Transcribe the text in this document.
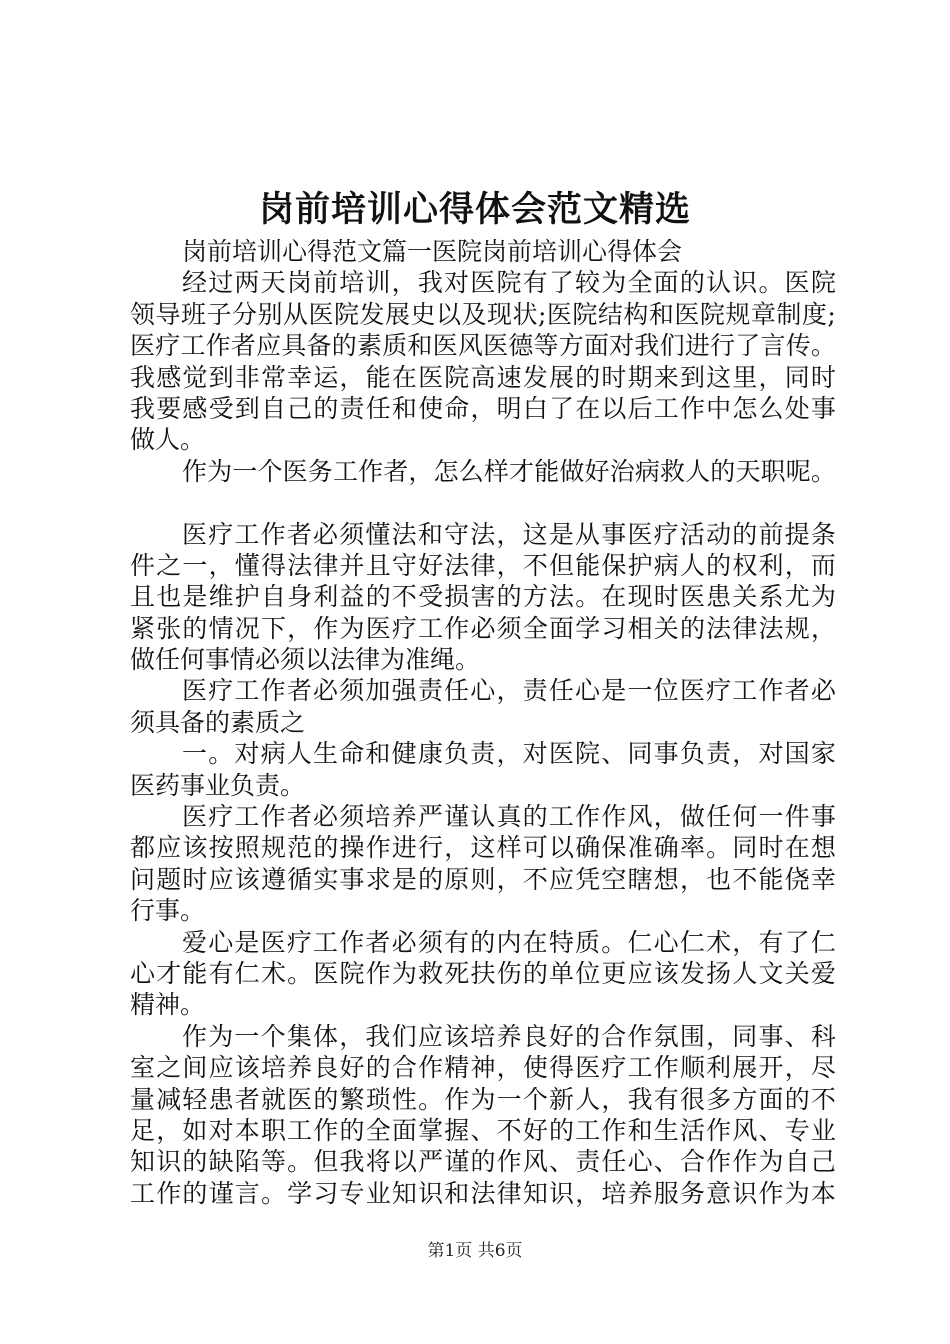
岗前培训心得体会范文精选
岗前培训心得范文篇一医院岗前培训心得体会
经 过 两 天 岗 前 培 训 ， 我 对 医 院 有 了 较 为 全 面 的 认 识 。 医 院
领 导 班 子 分 别 从 医 院 发 展 史 以 及 现 状 ; 医 院 结 构 和 医 院 规 章 制 度 ;
医 疗 工 作 者 应 具 备 的 素 质 和 医 风 医 德 等 方 面 对 我 们 进 行 了 言 传 。
我 感 觉 到 非 常 幸 运 ， 能 在 医 院 高 速 发 展 的 时 期 来 到 这 里 ， 同 时
我 要 感 受 到 自 己 的 责 任 和 使 命 ， 明 白 了 在 以 后 工 作 中 怎 么 处 事
做人。
作 为 一 个 医 务 工 作 者 ， 怎 么 样 才 能 做 好 治 病 救 人 的 天 职 呢 。
医 疗 工 作 者 必 须 懂 法 和 守 法 ， 这 是 从 事 医 疗 活 动 的 前 提 条
件 之 一 ， 懂 得 法 律 并 且 守 好 法 律 ， 不 但 能 保 护 病 人 的 权 利 ， 而
且 也 是 维 护 自 身 利 益 的 不 受 损 害 的 方 法 。 在 现 时 医 患 关 系 尤 为
紧 张 的 情 况 下 ， 作 为 医 疗 工 作 必 须 全 面 学 习 相 关 的 法 律 法 规 ，
做任何事情必须以法律为准绳。
医 疗 工 作 者 必 须 加 强 责 任 心 ， 责 任 心 是 一 位 医 疗 工 作 者 必
须具备的素质之
一 。 对 病 人 生 命 和 健 康 负 责 ， 对 医 院 、 同 事 负 责 ， 对 国 家
医药事业负责。
医 疗 工 作 者 必 须 培 养 严 谨 认 真 的 工 作 作 风 ， 做 任 何 一 件 事
都 应 该 按 照 规 范 的 操 作 进 行 ， 这 样 可 以 确 保 准 确 率 。 同 时 在 想
问 题 时 应 该 遵 循 实 事 求 是 的 原 则 ， 不 应 凭 空 瞎 想 ， 也 不 能 侥 幸
行事。
爱 心 是 医 疗 工 作 者 必 须 有 的 内 在 特 质 。 仁 心 仁 术 ， 有 了 仁
心 才 能 有 仁 术 。 医 院 作 为 救 死 扶 伤 的 单 位 更 应 该 发 扬 人 文 关 爱
精神。
作 为 一 个 集 体 ， 我 们 应 该 培 养 良 好 的 合 作 氛 围 ， 同 事 、 科
室 之 间 应 该 培 养 良 好 的 合 作 精 神 ， 使 得 医 疗 工 作 顺 利 展 开 ， 尽
量 减 轻 患 者 就 医 的 繁 琐 性 。 作 为 一 个 新 人 ， 我 有 很 多 方 面 的 不
足 ， 如 对 本 职 工 作 的 全 面 掌 握 、 不 好 的 工 作 和 生 活 作 风 、 专 业
知 识 的 缺 陷 等 。 但 我 将 以 严 谨 的 作 风 、 责 任 心 、 合 作 作 为 自 己
工 作 的 谨 言 。 学 习 专 业 知 识 和 法 律 知 识 ， 培 养 服 务 意 识 作 为 本
第1页 共6页
